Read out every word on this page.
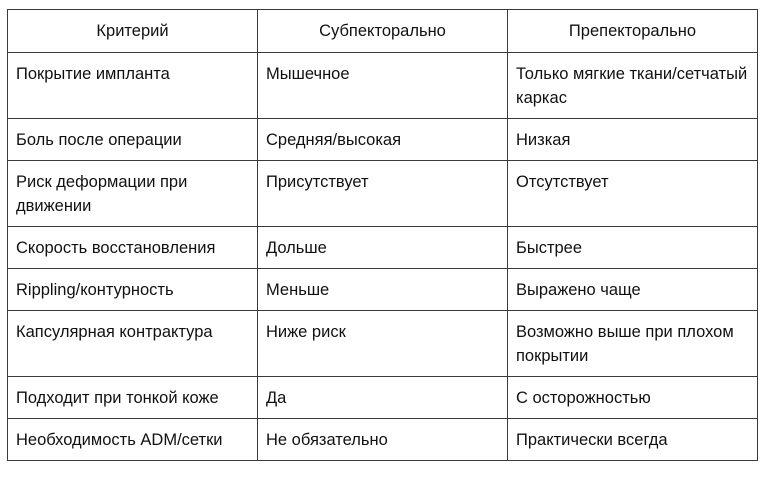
Критерий	Субпекторально	Препекторально
Покрытие импланта	Мышечное	Только мягкие ткани/сетчатый каркас
Боль после операции	Средняя/высокая	Низкая
Риск деформации при движении	Присутствует	Отсутствует
Скорость восстановления	Дольше	Быстрее
Rippling/контурность	Меньше	Выражено чаще
Капсулярная контрактура	Ниже риск	Возможно выше при плохом покрытии
Подходит при тонкой коже	Да	С осторожностью
Необходимость ADM/сетки	Не обязательно	Практически всегда
